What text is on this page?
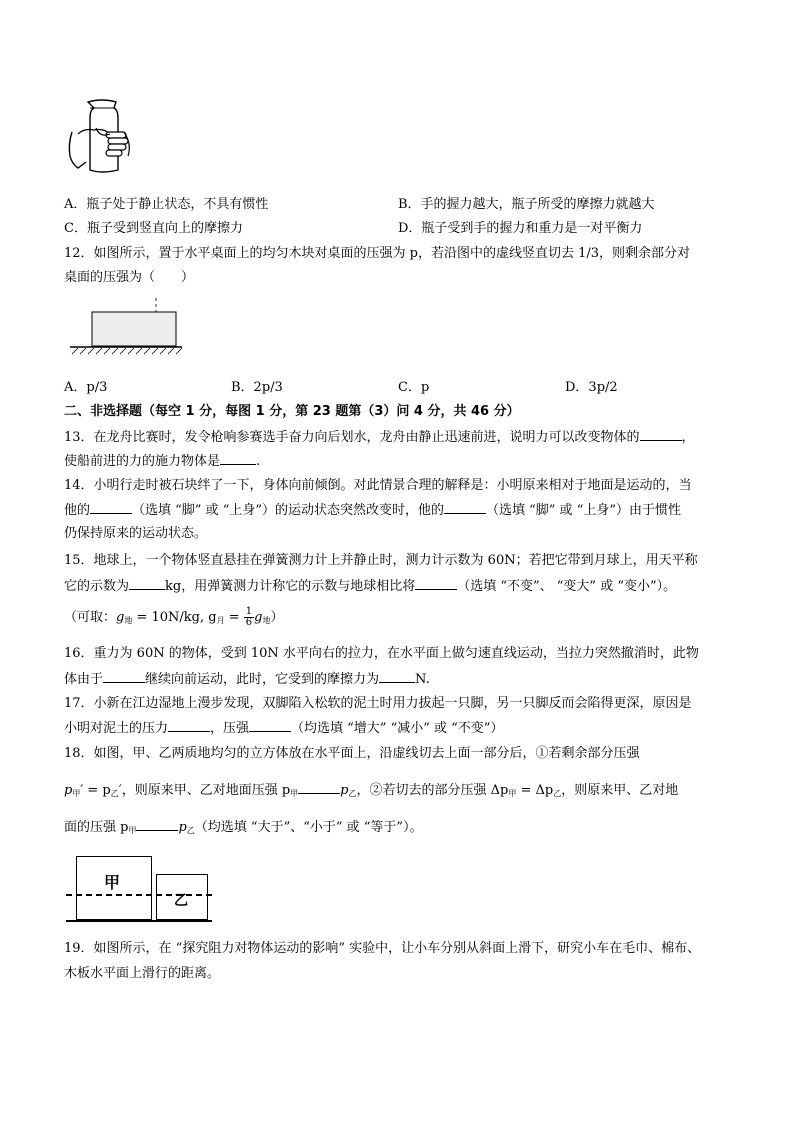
A．瓶子处于静止状态，不具有惯性	B．手的握力越大，瓶子所受的摩擦力就越大
C．瓶子受到竖直向上的摩擦力	D．瓶子受到手的握力和重力是一对平衡力
12．如图所示，置于水平桌面上的均匀木块对桌面的压强为 p，若沿图中的虚线竖直切去 1/3，则剩余部分对
桌面的压强为（　　）
A．p/3	B．2p/3	C．p	D．3p/2
二、非选择题（每空 1 分，每图 1 分，第 23 题第（3）问 4 分，共 46 分）
13．在龙舟比赛时，发令枪响参赛选手奋力向后划水，龙舟由静止迅速前进，说明力可以改变物体的	，
使船前进的力的施力物体是	.
14．小明行走时被石块绊了一下，身体向前倾倒。对此情景合理的解释是：小明原来相对于地面是运动的，当
他的	（选填 “脚” 或 “上身”）的运动状态突然改变时，他的	（选填 “脚” 或 “上身”）由于惯性
仍保持原来的运动状态。
15．地球上，一个物体竖直悬挂在弹簧测力计上并静止时，测力计示数为 60N；若把它带到月球上，用天平称
它的示数为	kg，用弹簧测力计称它的示数与地球相比将	（选填 “不变”、 “变大” 或 “变小”）。
（可取：$g_地 = 10N/kg$, $g_月 = \frac{1}{6} g_地$）
16．重力为 60N 的物体，受到 10N 水平向右的拉力，在水平面上做匀速直线运动，当拉力突然撤消时，此物
体由于	继续向前运动，此时，它受到的摩擦力为	N.
17．小新在江边湿地上漫步发现，双脚陷入松软的泥土时用力拔起一只脚，另一只脚反而会陷得更深，原因是
小明对泥土的压力	，压强	（均选填 “增大” “减小” 或 “不变”）
18．如图，甲、乙两质地均匀的立方体放在水平面上，沿虚线切去上面一部分后，①若剩余部分压强
$p_甲' = p_乙'$，则原来甲、乙对地面压强 $p_甲$	$p_乙$，②若切去的部分压强 $\Delta p_甲 = \Delta p_乙$，则原来甲、乙对地
面的压强 $p_甲$	$p_乙$（均选填 “大于”、“小于” 或 “等于”）。
甲
乙
19．如图所示，在 “探究阻力对物体运动的影响” 实验中，让小车分别从斜面上滑下，研究小车在毛巾、棉布、
木板水平面上滑行的距离。
